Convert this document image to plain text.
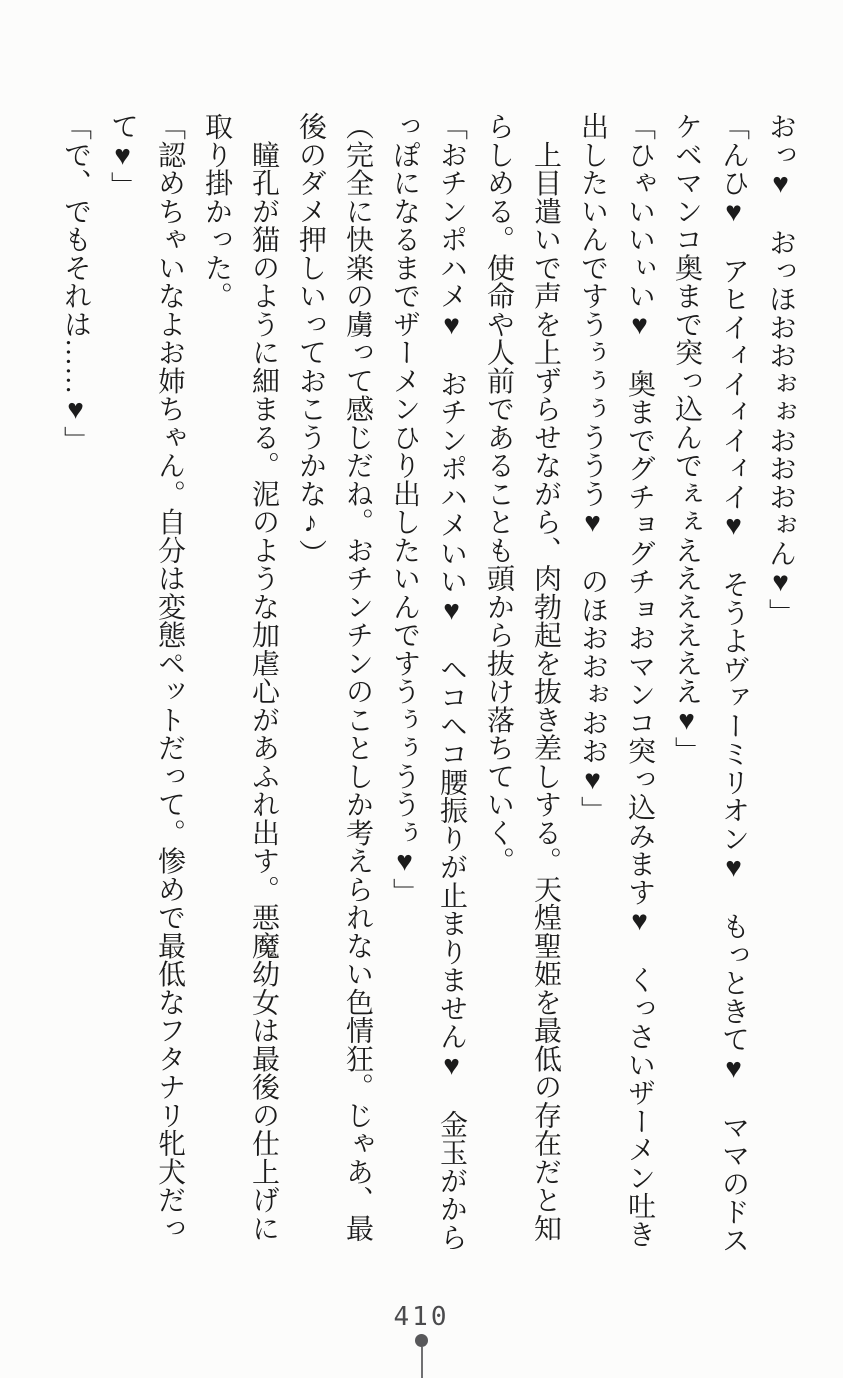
おっ♥　おっほおおぉぉおおおぉん♥」

「んひ♥　アヒイィイィイィイ♥　そうよヴァーミリオン♥　もっときて♥　ママのドス

ケベマンコ奥まで突っ込んでぇぇええええええ♥」

「ひゃいいぃい♥　奥までグチョグチョおマンコ突っ込みます♥　くっさいザーメン吐き

出したいんですうぅぅぅううう♥　のほおおぉおお♥」

　上目遣いで声を上ずらせながら、肉勃起を抜き差しする。天煌聖姫を最低の存在だと知

らしめる。使命や人前であることも頭から抜け落ちていく。

「おチンポハメ♥　おチンポハメいい♥　ヘコヘコ腰振りが止まりません♥　金玉がから

っぽになるまでザーメンひり出したいんですうぅぅううぅ♥」

（完全に快楽の虜って感じだね。おチンチンのことしか考えられない色情狂。じゃあ、最

後のダメ押しいっておこうかな♪）

　瞳孔が猫のように細まる。泥のような加虐心があふれ出す。悪魔幼女は最後の仕上げに

取り掛かった。

「認めちゃいなよお姉ちゃん。自分は変態ペットだって。惨めで最低なフタナリ牝犬だっ

て♥」

「で、でもそれは……♥」

410
